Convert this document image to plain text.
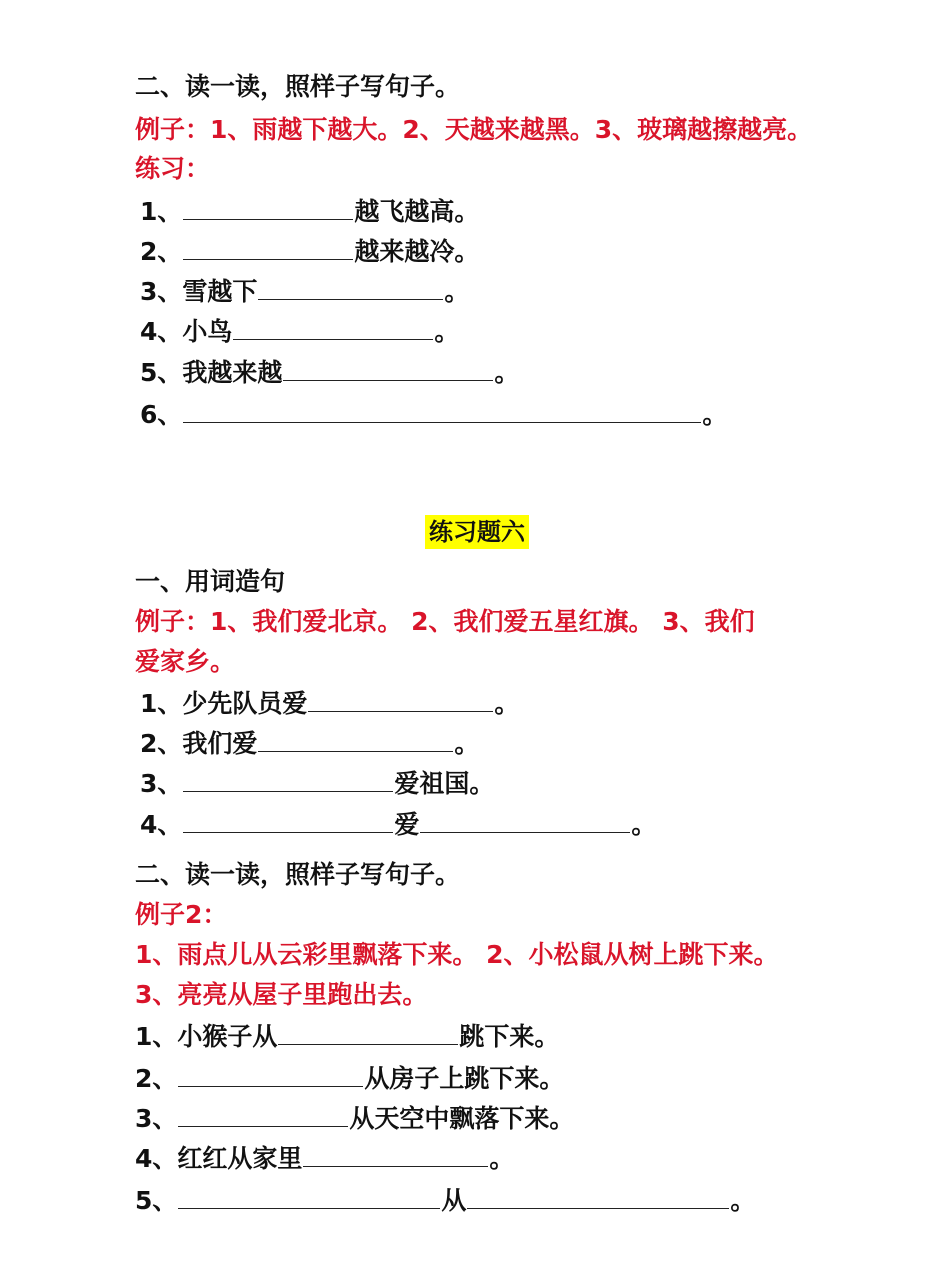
二、读一读，照样子写句子。
例子：1、雨越下越大。2、天越来越黑。3、玻璃越擦越亮。
练习：
1、	越飞越高。
2、	越来越冷。
3、雪越下	。
4、小鸟	。
5、我越来越	。
6、	。
练习题六
一、用词造句
例子：1、我们爱北京。 2、我们爱五星红旗。 3、我们
爱家乡。
1、少先队员爱	。
2、我们爱	。
3、	爱祖国。
4、	爱	。
二、读一读，照样子写句子。
例子2：
1、雨点儿从云彩里飘落下来。 2、小松鼠从树上跳下来。
3、亮亮从屋子里跑出去。
1、小猴子从	跳下来。
2、	从房子上跳下来。
3、	从天空中飘落下来。
4、红红从家里	。
5、	从	。
